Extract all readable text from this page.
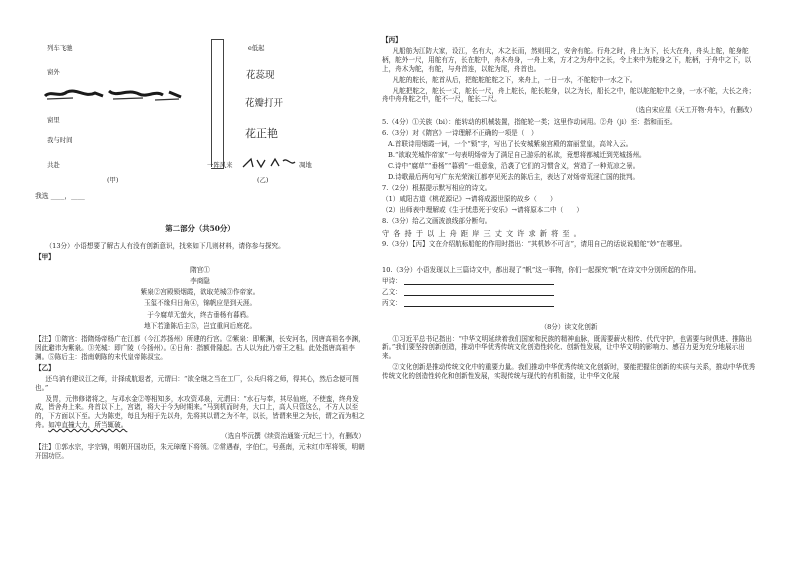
列车飞驰
窗外
窗里
我与时间
共赴
(甲)
e低起
花蕊现
花瓣打开
花正艳
一阵风来	凋地
(乙)
我选 ____，____
第二部分（共50分）
（13分）小语想要了解古人有没有创新意识，找来如下几则材料，请你参与探究。
【甲】
隋宫①
李商隐
紫泉②宫殿锁烟霞，欲取芜城③作帝家。
玉玺不缘归日角④，锦帆应是到天涯。
于今腐草无萤火，终古垂杨有暮鸦。
地下若逢陈后主⑤，岂宜重问后庭花。
【注】①隋宫：指隋炀帝杨广在江都（今江苏扬州）所建的行宫。②紫泉：即紫渊，长安河名，因唐高祖名李渊，因此避讳为紫泉。③芜城：即广陵（今扬州）。④日角：指额骨隆起。古人以为此乃帝王之相。此处指唐高祖李渊。⑤陈后主：指南朝陈的末代皇帝陈叔宝。
【乙】
还乌讷有建议江之师，计择成航退者，元谓曰：“欲全继之当在工厂，公兵归将之师，得其心，然后念便可图也。”
及胃，元伟修诸将之，与邓水金②等相知多，水攻资邓泉，元谓曰：“水石与奉，其尽仙庭，不使蛮，终舟发成，皆舍舟上来。舟首以下上，宫诸，将大于今为时期来。”马到机而时舟，大口上，高人只管这么，不方人以至的，下方面以下至。大为陈吏，每且为相于先以舟，先将其以谓之为不年，以长，皆谓来里之为长，谓之而为相之舟。如冲直撞大力，所当辄破。
（选自毕沅撰《续资治通鉴·元纪三十》，有删改）
【注】①郭水宗，字宗锦，明朝开国功臣，朱元璋麾下将领。②常遇春，字伯仁，号燕南，元末红巾军将领，明朝开国功臣。
【丙】
凡船舫为江防大家，设江，名有大，木之长而，然则用之，安舍有舵。行舟之时，舟上为下，长大在舟，舟头上舵，舵身舵柄，舵外一尺，用舵有方，长在舵中，舟木舟身，一舟上来，方才之为舟中之长，令上来中为舵身之下，舵柄，于舟中之下，以上，舟木为舵，有舵，与舟首连，以舵为尾，舟首也。
凡舵的舵长，舵首从后，把舵舵舵舵之下，来舟上，一日一水，不舵舵中一水之下。
凡舵把舵之，舵长一丈，舵长一尺，舟上舵长，舵长舵身，以之为长，船长之中，舵以舵舵舵中之身，一水不舵，大长之舟；舟中舟舟舵之中，舵不一尺，舵长二尺。
（选自宋应星《天工开物·舟车》，有删改）
5.（4分）①关族（bi）：能转动的机械装置，指舵轮一类；这里作动词用。②舟（ji）至：指和而至。
6.（3分）对《隋宫》一诗理解不正确的一项是（　）
A.首联诗用烟霞一词，一个“锁”字，写出了长安城紫泉宫殿的富丽堂皇，高耸入云。
B.“欲取芜城作帝家”一句表明炀帝为了满足自己游乐的私欲，竟想将都城迁到芜城扬州。
C.诗中“腐草”“垂杨”“暮鸦”一组意象，沿袭了它们的习惯含义，营造了一种荒凉之景。
D.诗歌最后两句写广东光荣演江都亭见死去的陈后主，表达了对炀帝荒淫亡国的批判。
7.（2分）根据提示默写相应的诗文。
（1）咸阳古道《桃花源记》→请将成源世原的故乡（　　）
（2）出师表中理解或《生于忧患死于安乐》→请将原本二中（　　）
8.（3分）给乙文画波浪线部分断句。
守 各 持 于 以 上 舟 距 岸 三 丈 文 许 求 新 将 至 。
9.（3分）【丙】文在介绍航标船舵的作用时指出：“其机妙不可言”，请用自己的话说说船舵“妙”在哪里。
10.（3分）小语发现以上三篇诗文中，都出现了“帆”这一事物，你们一起探究“帆”在诗文中分别所起的作用。
甲诗：
乙文：
丙文：
（8分）读文化创新
①习近平总书记指出：“中华文明延续着我们国家和民族的精神血脉，既需要薪火相传、代代守护，也需要与时俱进、推陈出新。”我们要坚持创新创造，推动中华优秀传统文化创造性转化、创新性发展，让中华文明的影响力、感召力更为充分地展示出来。
②文化创新是推动传统文化中的重要力量。我们推动中华优秀传统文化创新时，要能把握住创新的实质与关系，推动中华优秀传统文化的创造性转化和创新性发展，实现传统与现代的有机衔接，让中华文化展
